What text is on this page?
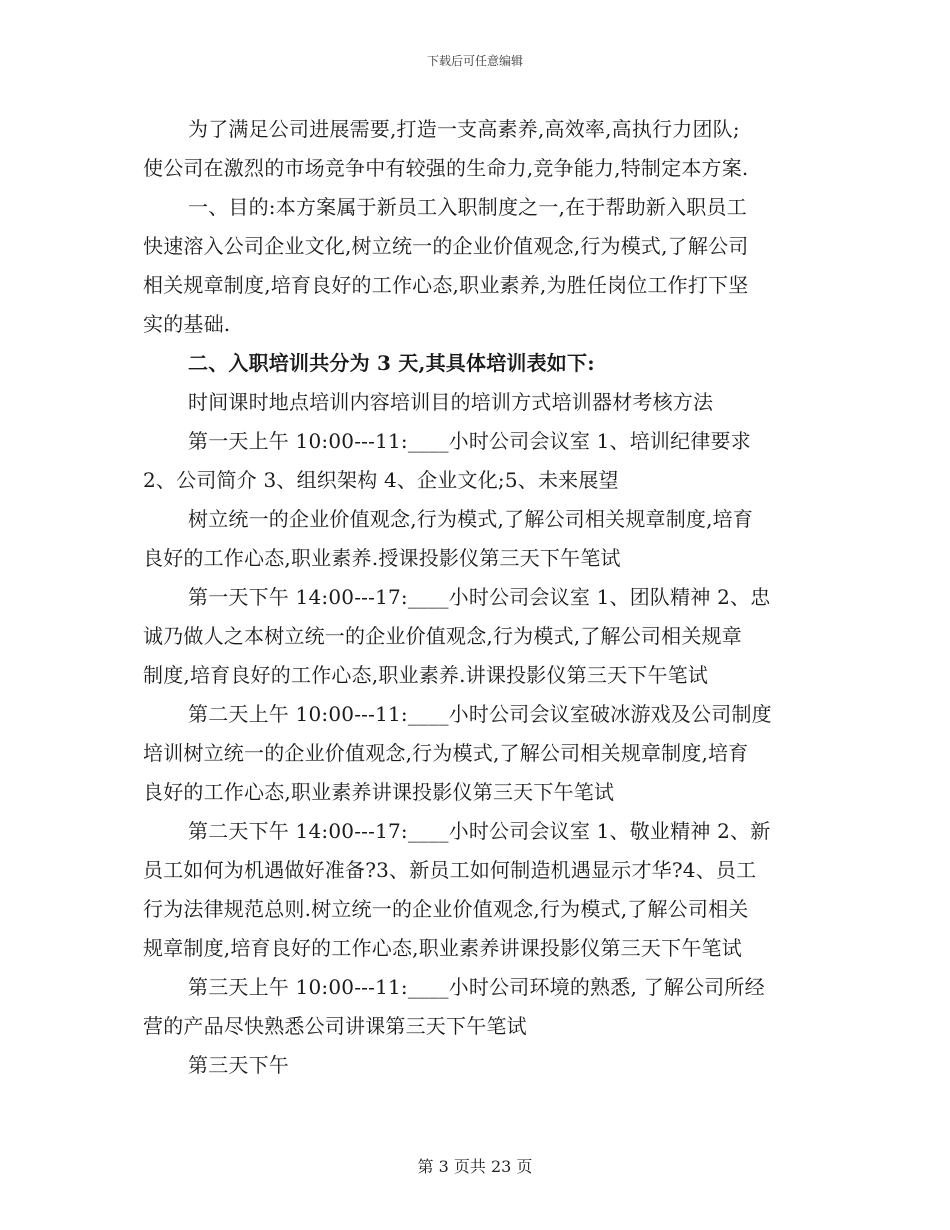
下载后可任意编辑
为了满足公司进展需要,打造一支高素养,高效率,高执行力团队;
使公司在激烈的市场竞争中有较强的生命力,竞争能力,特制定本方案.
一、目的:本方案属于新员工入职制度之一,在于帮助新入职员工
快速溶入公司企业文化,树立统一的企业价值观念,行为模式,了解公司
相关规章制度,培育良好的工作心态,职业素养,为胜任岗位工作打下坚
实的基础.
二、入职培训共分为 3 天,其具体培训表如下:
时间课时地点培训内容培训目的培训方式培训器材考核方法
第一天上午 10:00---11:____小时公司会议室 1、培训纪律要求
2、公司简介 3、组织架构 4、企业文化;5、未来展望
树立统一的企业价值观念,行为模式,了解公司相关规章制度,培育
良好的工作心态,职业素养.授课投影仪第三天下午笔试
第一天下午 14:00---17:____小时公司会议室 1、团队精神 2、忠
诚乃做人之本树立统一的企业价值观念,行为模式,了解公司相关规章
制度,培育良好的工作心态,职业素养.讲课投影仪第三天下午笔试
第二天上午 10:00---11:____小时公司会议室破冰游戏及公司制度
培训树立统一的企业价值观念,行为模式,了解公司相关规章制度,培育
良好的工作心态,职业素养讲课投影仪第三天下午笔试
第二天下午 14:00---17:____小时公司会议室 1、敬业精神 2、新
员工如何为机遇做好准备?3、新员工如何制造机遇显示才华?4、员工
行为法律规范总则.树立统一的企业价值观念,行为模式,了解公司相关
规章制度,培育良好的工作心态,职业素养讲课投影仪第三天下午笔试
第三天上午 10:00---11:____小时公司环境的熟悉, 了解公司所经
营的产品尽快熟悉公司讲课第三天下午笔试
第三天下午
第 3 页共 23 页
